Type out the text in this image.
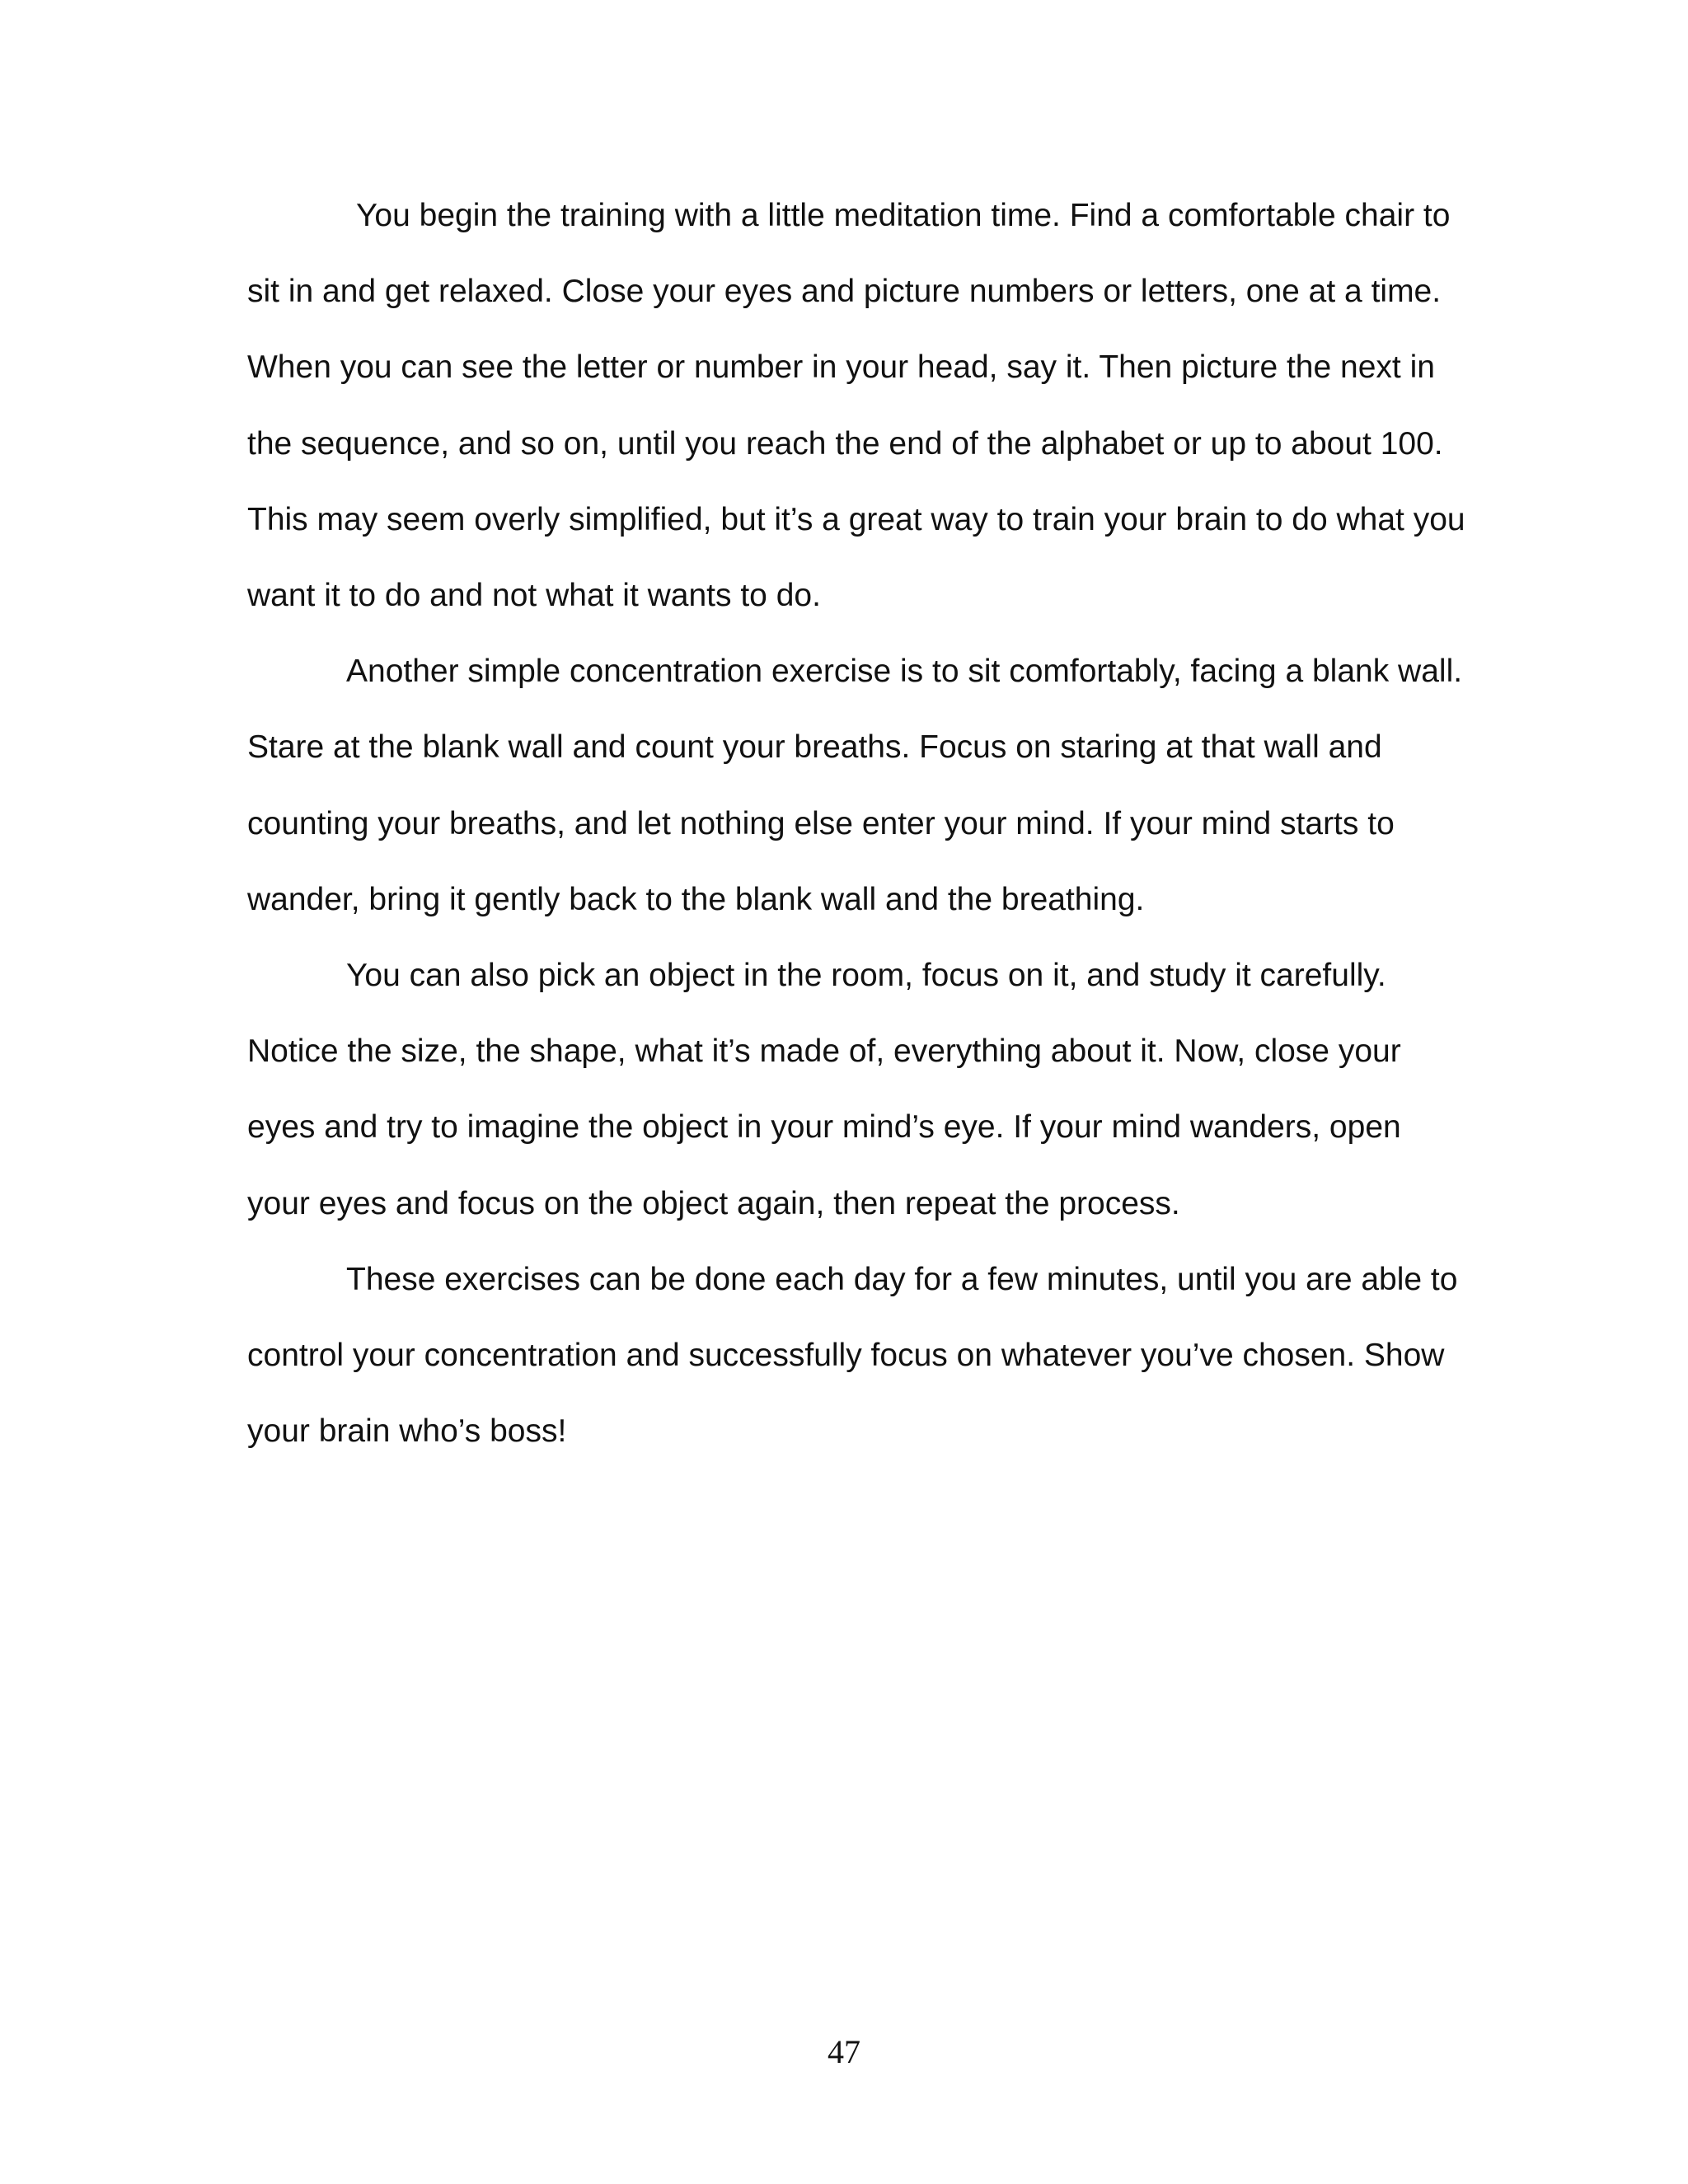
You begin the training with a little meditation time. Find a comfortable chair to sit in and get relaxed. Close your eyes and picture numbers or letters, one at a time. When you can see the letter or number in your head, say it. Then picture the next in the sequence, and so on, until you reach the end of the alphabet or up to about 100. This may seem overly simplified, but it’s a great way to train your brain to do what you want it to do and not what it wants to do.

Another simple concentration exercise is to sit comfortably, facing a blank wall. Stare at the blank wall and count your breaths. Focus on staring at that wall and counting your breaths, and let nothing else enter your mind. If your mind starts to wander, bring it gently back to the blank wall and the breathing.

You can also pick an object in the room, focus on it, and study it carefully. Notice the size, the shape, what it’s made of, everything about it. Now, close your eyes and try to imagine the object in your mind’s eye. If your mind wanders, open your eyes and focus on the object again, then repeat the process.

These exercises can be done each day for a few minutes, until you are able to control your concentration and successfully focus on whatever you’ve chosen. Show your brain who’s boss!

47
